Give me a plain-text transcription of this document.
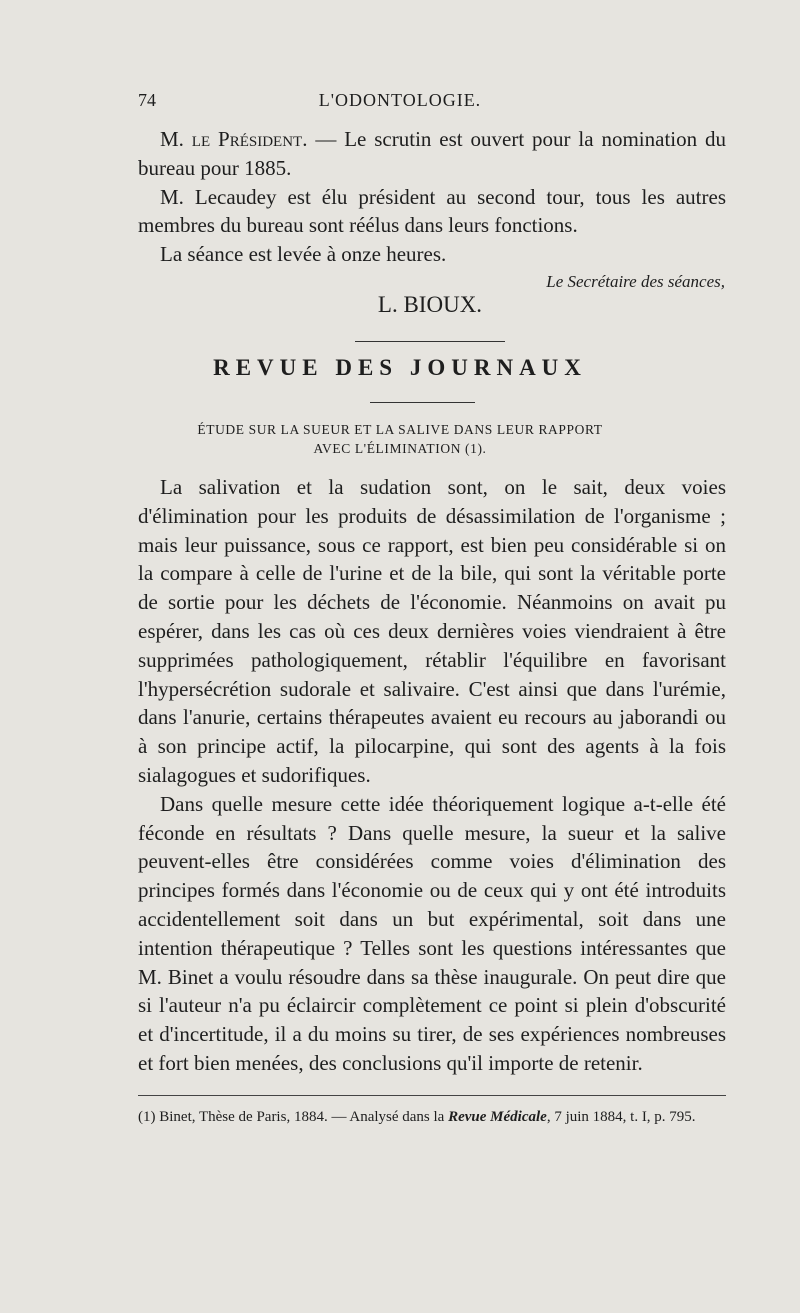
74	L'ODONTOLOGIE.

M. le Président. — Le scrutin est ouvert pour la nomination du bureau pour 1885.

M. Lecaudey est élu président au second tour, tous les autres membres du bureau sont réélus dans leurs fonctions.

La séance est levée à onze heures.

Le Secrétaire des séances,
L. BIOUX.
REVUE DES JOURNAUX
ÉTUDE SUR LA SUEUR ET LA SALIVE DANS LEUR RAPPORT
AVEC L'ÉLIMINATION (1).

La salivation et la sudation sont, on le sait, deux voies d'élimination pour les produits de désassimilation de l'organisme ; mais leur puissance, sous ce rapport, est bien peu considérable si on la compare à celle de l'urine et de la bile, qui sont la véritable porte de sortie pour les déchets de l'économie. Néanmoins on avait pu espérer, dans les cas où ces deux dernières voies viendraient à être supprimées pathologiquement, rétablir l'équilibre en favorisant l'hypersécrétion sudorale et salivaire. C'est ainsi que dans l'urémie, dans l'anurie, certains thérapeutes avaient eu recours au jaborandi ou à son principe actif, la pilocarpine, qui sont des agents à la fois sialagogues et sudorifiques.

Dans quelle mesure cette idée théoriquement logique a-t-elle été féconde en résultats ? Dans quelle mesure, la sueur et la salive peuvent-elles être considérées comme voies d'élimination des principes formés dans l'économie ou de ceux qui y ont été introduits accidentellement soit dans un but expérimental, soit dans une intention thérapeutique ? Telles sont les questions intéressantes que M. Binet a voulu résoudre dans sa thèse inaugurale. On peut dire que si l'auteur n'a pu éclaircir complètement ce point si plein d'obscurité et d'incertitude, il a du moins su tirer, de ses expériences nombreuses et fort bien menées, des conclusions qu'il importe de retenir.

(1) Binet, Thèse de Paris, 1884. — Analysé dans la Revue Médicale, 7 juin 1884, t. I, p. 795.
